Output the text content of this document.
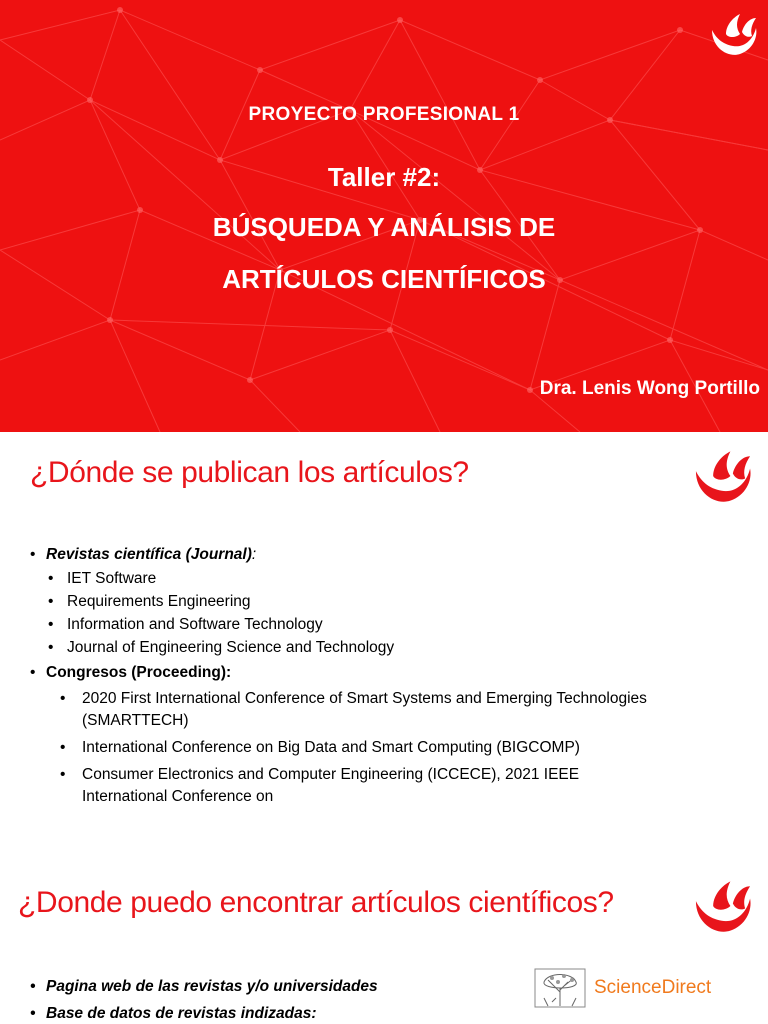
PROYECTO PROFESIONAL 1
Taller #2:
BÚSQUEDA Y ANÁLISIS DE
ARTÍCULOS CIENTÍFICOS
Dra. Lenis Wong Portillo
¿Dónde se publican los artículos?
• Revistas científica (Journal):
• IET Software
• Requirements Engineering
• Information and Software Technology
• Journal of Engineering Science and Technology
• Congresos (Proceeding):
• 2020 First International Conference of Smart Systems and Emerging Technologies (SMARTTECH)
• International Conference on Big Data and Smart Computing (BIGCOMP)
• Consumer Electronics and Computer Engineering (ICCECE), 2021 IEEE International Conference on
¿Donde puedo encontrar artículos científicos?
• Pagina web de las revistas y/o universidades
• Base de datos de revistas indizadas:
ScienceDirect
